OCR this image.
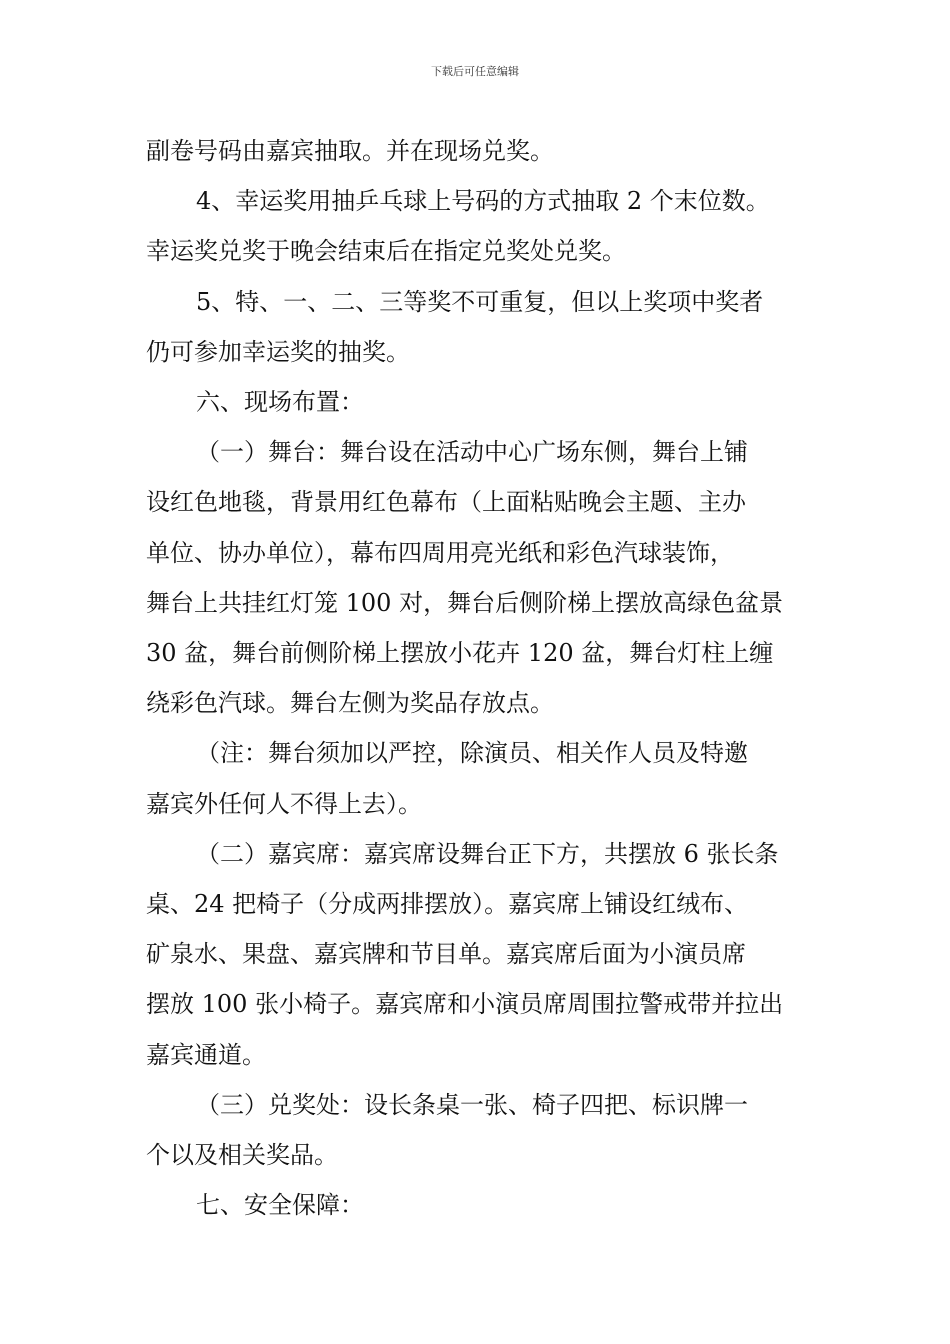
下载后可任意编辑
副卷号码由嘉宾抽取。并在现场兑奖。
4、幸运奖用抽乒乓球上号码的方式抽取 2 个末位数。
幸运奖兑奖于晚会结束后在指定兑奖处兑奖。
5、特、一、二、三等奖不可重复，但以上奖项中奖者
仍可参加幸运奖的抽奖。
六、现场布置：
（一）舞台：舞台设在活动中心广场东侧，舞台上铺
设红色地毯，背景用红色幕布（上面粘贴晚会主题、主办
单位、协办单位），幕布四周用亮光纸和彩色汽球装饰，
舞台上共挂红灯笼 100 对，舞台后侧阶梯上摆放高绿色盆景
30 盆，舞台前侧阶梯上摆放小花卉 120 盆，舞台灯柱上缠
绕彩色汽球。舞台左侧为奖品存放点。
（注：舞台须加以严控，除演员、相关作人员及特邀
嘉宾外任何人不得上去）。
（二）嘉宾席：嘉宾席设舞台正下方，共摆放 6 张长条
桌、24 把椅子（分成两排摆放）。嘉宾席上铺设红绒布、
矿泉水、果盘、嘉宾牌和节目单。嘉宾席后面为小演员席
摆放 100 张小椅子。嘉宾席和小演员席周围拉警戒带并拉出
嘉宾通道。
（三）兑奖处：设长条桌一张、椅子四把、标识牌一
个以及相关奖品。
七、安全保障：
